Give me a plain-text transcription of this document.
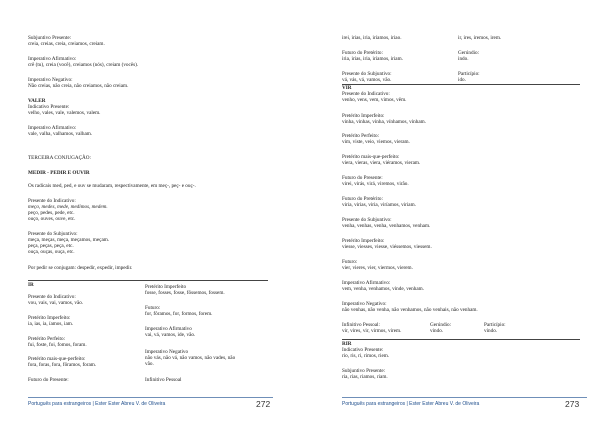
Subjuntivo Presente:
creia, creias, creia, creiamos, creiam.
Imperativo Afirmativo:
crê (tu), creia (você), creiamos (nós), creiam (vocês).
Imperativo Negativo:
Não creias, não creia, não creiamos, não creiam.
VALER
Indicativo Presente:
velho, vales, vale, valemos, valem.
Imperativo Afirmativo:
vale, valha, valhamos, valham.
TERCEIRA CONJUGAÇÃO:
MEDIR - PEDIR E OUVIR
Os radicais med, ped, e ouv se mudaram, respectivamente, em meç-, peç- e ouç-.
Presente do Indicativo:
meço, medes, mede, medimos, medem.
peço, pedes, pede, etc.
ouço, ouves, ouve, etc.
Presente do Subjuntivo:
meça, meças, meça, meçamos, meçam.
peça, peças, peça, etc.
ouça, ouças, ouça, etc.
Por pedir se conjugam: despedir, expedir, impedir.
IR
Presente do Indicativo:
vou, vais, vai, vamos, vão.
Pretérito Imperfeito:
ia, ias, ia, íamos, iam.
Pretérito Perfeito:
fui, foste, foi, fomos, foram.
Pretérito mais-que-perfeito:
fora, foras, fora, fôramos, foram.
Futuro do Presente:
Pretérito Imperfeito
fosse, fosses, fosse, fôssemos, fossem.
Futuro:
for, fôramos, for, formos, forem.
Imperativo Afirmativo
vai, vá, vamos, ide, vão.
Imperativo Negativo
não vás, não vá, não vamos, não vades, não
vão.
Infinitivo Pessoal
Português para estrangeiros | Ester Ester Abreu V. de Oliveira	272
irei, irias, iria, iríamos, iriao.	ir, ires, iremos, irem.
Futuro do Pretérito:	Gerúndio:
iria, irias, iria, iríamos, iriam.	indo.
Presente do Subjuntivo:	Particípio:
vá, vás, vá, vamos, vão.	ido.
VIR
Presente do Indicativo:
venho, vens, vem, vimos, vêm.
Pretérito Imperfeito:
vinha, vinhas, vinha, vínhamos, vinham.
Pretérito Perfeito:
vim, viste, veio, viemos, vieram.
Pretérito mais-que-perfeito:
viera, vieras, viera, viéramos, vieram.
Futuro do Presente:
virei, virás, virá, viremos, virão.
Futuro do Pretérito:
viria, virias, viria, viríamos, viriam.
Presente do Subjuntivo:
venha, venhas, venha, venhamos, venham.
Pretérito Imperfeito:
viesse, viesses, viesse, viéssemos, viessem.
Futuro:
vier, vieres, vier, viermos, vierem.
Imperativo Afirmativo:
vem, venha, venhamos, vinde, venham.
Imperativo Negativo:
não venhas, não venha, não venhamos, não venhais, não venham.
Infinitivo Pessoal:
vir, vires, vir, virmos, virem.
Gerúndio:
vindo.
Particípio:
vindo.
RIR
Indicativo Presente:
rio, ris, ri, rimos, riem.
Subjuntivo Presente:
ria, rias, riamos, riam.
Português para estrangeiros | Ester Ester Abreu V. de Oliveira	273
